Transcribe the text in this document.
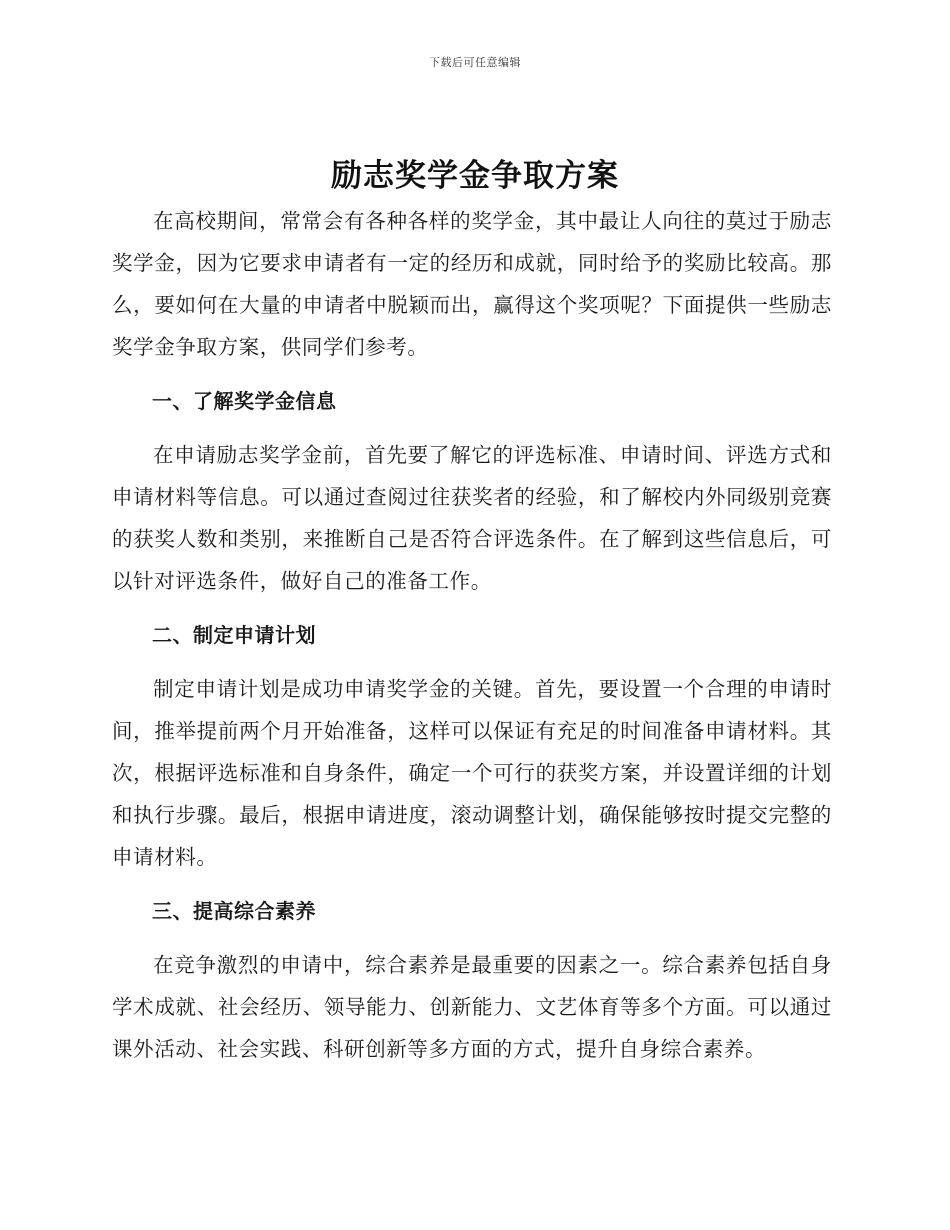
下载后可任意编辑
励志奖学金争取方案

在高校期间，常常会有各种各样的奖学金，其中最让人向往的莫过于励志奖学金，因为它要求申请者有一定的经历和成就，同时给予的奖励比较高。那么，要如何在大量的申请者中脱颖而出，赢得这个奖项呢？下面提供一些励志奖学金争取方案，供同学们参考。

一、了解奖学金信息

在申请励志奖学金前，首先要了解它的评选标准、申请时间、评选方式和申请材料等信息。可以通过查阅过往获奖者的经验，和了解校内外同级别竞赛的获奖人数和类别，来推断自己是否符合评选条件。在了解到这些信息后，可以针对评选条件，做好自己的准备工作。

二、制定申请计划

制定申请计划是成功申请奖学金的关键。首先，要设置一个合理的申请时间，推举提前两个月开始准备，这样可以保证有充足的时间准备申请材料。其次，根据评选标准和自身条件，确定一个可行的获奖方案，并设置详细的计划和执行步骤。最后，根据申请进度，滚动调整计划，确保能够按时提交完整的申请材料。

三、提高综合素养

在竞争激烈的申请中，综合素养是最重要的因素之一。综合素养包括自身学术成就、社会经历、领导能力、创新能力、文艺体育等多个方面。可以通过课外活动、社会实践、科研创新等多方面的方式，提升自身综合素养。
